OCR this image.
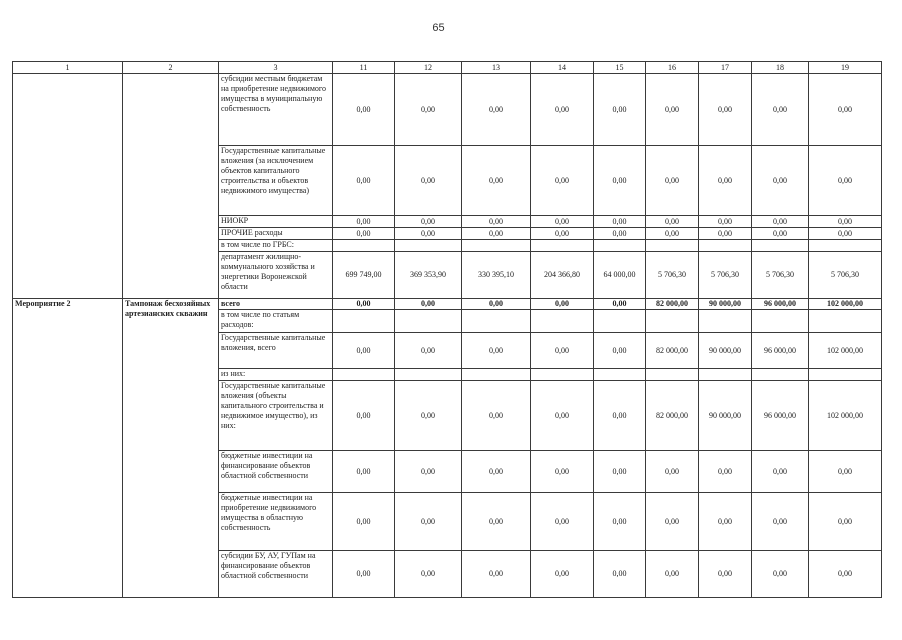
65
1	2	3	11	12	13	14	15	16	17	18	19
		субсидии местным бюджетам на приобретение недвижимого имущества в муниципальную собственность	0,00	0,00	0,00	0,00	0,00	0,00	0,00	0,00	0,00
		Государственные капитальные вложения (за исключением объектов капитального строительства и объектов недвижимого имущества)	0,00	0,00	0,00	0,00	0,00	0,00	0,00	0,00	0,00
		НИОКР	0,00	0,00	0,00	0,00	0,00	0,00	0,00	0,00	0,00
		ПРОЧИЕ расходы	0,00	0,00	0,00	0,00	0,00	0,00	0,00	0,00	0,00
		в том числе по ГРБС:									
		департамент жилищно-коммунального хозяйства и энергетики Воронежской области	699 749,00	369 353,90	330 395,10	204 366,80	64 000,00	5 706,30	5 706,30	5 706,30	5 706,30
Мероприятие 2	Тампонаж бесхозяйных артезианских скважин	всего	0,00	0,00	0,00	0,00	0,00	82 000,00	90 000,00	96 000,00	102 000,00
		в том числе по статьям расходов:									
		Государственные капитальные вложения, всего	0,00	0,00	0,00	0,00	0,00	82 000,00	90 000,00	96 000,00	102 000,00
		из них:									
		Государственные капитальные вложения (объекты капитального строительства и недвижимое имущество), из них:	0,00	0,00	0,00	0,00	0,00	82 000,00	90 000,00	96 000,00	102 000,00
		бюджетные инвестиции на финансирование объектов областной собственности	0,00	0,00	0,00	0,00	0,00	0,00	0,00	0,00	0,00
		бюджетные инвестиции на приобретение недвижимого имущества в областную собственность	0,00	0,00	0,00	0,00	0,00	0,00	0,00	0,00	0,00
		субсидии БУ, АУ, ГУПам на финансирование объектов областной собственности	0,00	0,00	0,00	0,00	0,00	0,00	0,00	0,00	0,00
